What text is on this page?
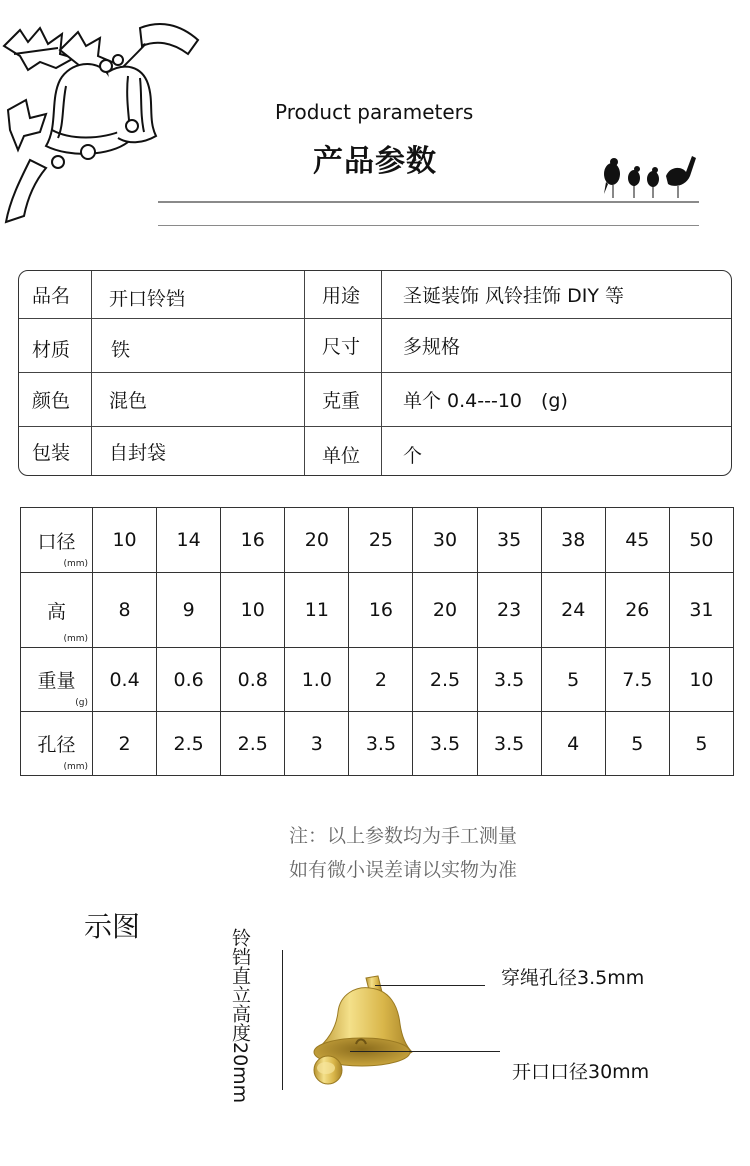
Product parameters
产品参数
品名 开口铃铛	用途 圣诞装饰 风铃挂饰 DIY 等
材质 铁	尺寸 多规格
颜色 混色	克重 单个 0.4---10　(g)
包装 自封袋	单位 个
口径
(mm)	10	14	16	20	25	30	35	38	45	50

高
(mm)	8	9	10	11	16	20	23	24	26	31

重量
(g)	0.4	0.6	0.8	1.0	2	2.5	3.5	5	7.5	10

孔径
(mm)	2	2.5	2.5	3	3.5	3.5	3.5	4	5	5
注：以上参数均为手工测量
如有微小误差请以实物为准
示图
铃铛直立高度20mm	穿绳孔径3.5mm
开口口径30mm
